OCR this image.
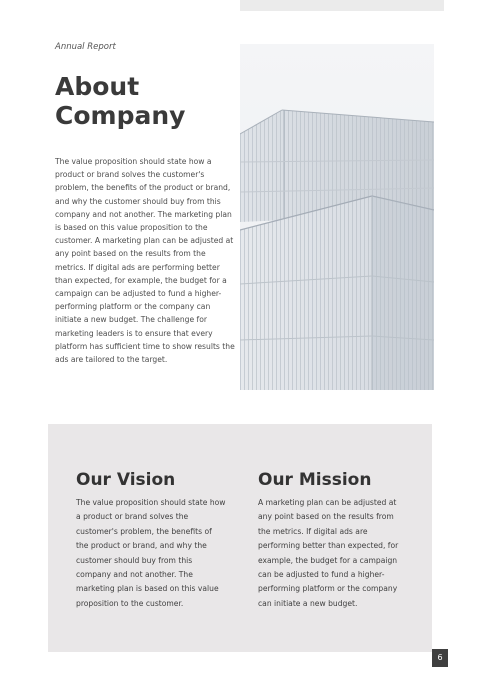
Annual Report
About Company

The value proposition should state how a product or brand solves the customer's problem, the benefits of the product or brand, and why the customer should buy from this company and not another. The marketing plan is based on this value proposition to the customer. A marketing plan can be adjusted at any point based on the results from the metrics. If digital ads are performing better than expected, for example, the budget for a campaign can be adjusted to fund a higher-performing platform or the company can initiate a new budget. The challenge for marketing leaders is to ensure that every platform has sufficient time to show results the ads are tailored to the target.

Our Vision

The value proposition should state how a product or brand solves the customer's problem, the benefits of the product or brand, and why the customer should buy from this company and not another. The marketing plan is based on this value proposition to the customer.

Our Mission

A marketing plan can be adjusted at any point based on the results from the metrics. If digital ads are performing better than expected, for example, the budget for a campaign can be adjusted to fund a higher-performing platform or the company can initiate a new budget.

6
